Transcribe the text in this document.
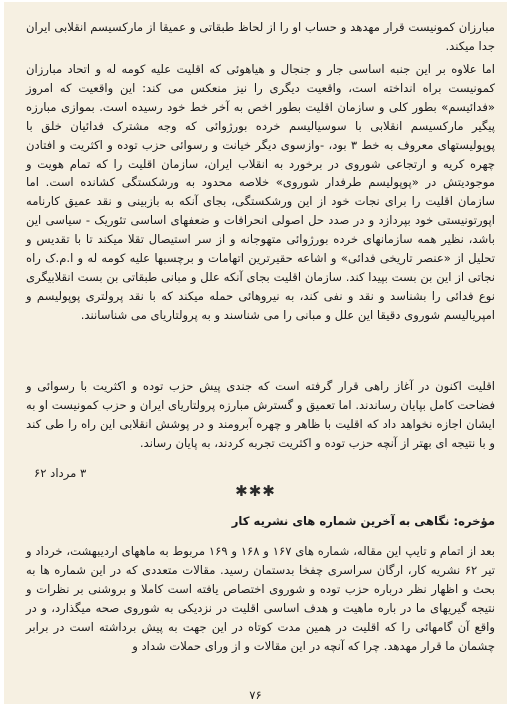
مبارزان کمونیست قرار مهدهد و حساب او را از لحاظ طبقاتی و عمیقا از مارکسیسم انقلابی ایران جدا میکند.

اما علاوه بر این جنبه اساسی جار و جنجال و هیاهوئی که اقلیت علیه کومه له و اتحاد مبارزان کمونیست براه انداخته است، واقعیت دیگری را نیز منعکس می کند: این واقعیت که امروز «فدائیسم» بطور کلی و سازمان اقلیت بطور اخص به آخر خط خود رسیده است. بموازی مبارزه پیگیر مارکسیسم انقلابی با سوسیالیسم خرده بورژوائی که وجه مشترک فدائیان خلق با پوپولیستهای معروف به خط ۳ بود، -وازسوی دیگر خیانت و رسوائی حزب توده و اکثریت و افتادن چهره کریه و ارتجاعی شوروی در برخورد به انقلاب ایران، سازمان اقلیت را که تمام هویت و موجودیتش در «پوپولیسم طرفدار شوروی» خلاصه محدود به ورشکستگی کشانده است. اما سازمان اقلیت را برای نجات خود از این ورشکستگی، بجای آنکه به بازبینی و نقد عمیق کارنامه اپورتونیستی خود بپردازد و در صدد حل اصولی انحرافات و ضعفهای اساسی تئوریک - سیاسی این باشد، نظیر همه سازمانهای خرده بورژوائی متهوجانه و از سر استیصال تقلا میکند تا با تقدیس و تحلیل از «عنصر تاریخی فدائی» و اشاعه حقیرترین اتهامات و برچسبها علیه کومه له و ا.م.ک راه نجاتی از این بن بست بپیدا کند. سازمان اقلیت بجای آنکه علل و مبانی طبقاتی بن بست انقلابیگری نوع فدائی را بشناسد و نقد و نفی کند، به نیروهائی حمله میکند که با نقد پرولتری پوپولیسم و امپریالیسم شوروی دقیقا این علل و مبانی را می شناسند و به پرولتاریای می شناسانند.

اقلیت اکنون در آغاز راهی قرار گرفته است که جندی پیش حزب توده و اکثریت با رسوائی و فضاحت کامل بپایان رساندند. اما تعمیق و گسترش مبارزه پرولتاریای ایران و حزب کمونیست او به ایشان اجازه نخواهد داد که اقلیت با ظاهر و چهره آبرومند و در پوشش انقلابی این راه را طی کند و با نتیجه ای بهتر از آنچه حزب توده و اکثریت تجربه کردند، به پایان رساند.

۳ مرداد ۶۲
✱✱✱
مؤخره: نگاهی به آخرین شماره های نشریه کار

بعد از اتمام و تایپ این مقاله، شماره های ۱۶۷ و ۱۶۸ و ۱۶۹ مربوط به ماههای اردیبهشت، خرداد و تیر ۶۲ نشریه کار، ارگان سراسری چفخا بدستمان رسید. مقالات متعددی که در این شماره ها به بحث و اظهار نظر درباره حزب توده و شوروی اختصاص یافته است کاملا و بروشنی بر نظرات و نتیجه گیریهای ما در باره ماهیت و هدف اساسی اقلیت در نزدیکی به شوروی صحه میگذارد، و در واقع آن گامهائی را که اقلیت در همین مدت کوتاه در این جهت به پیش برداشته است در برابر چشمان ما قرار مهدهد. چرا که آنچه در این مقالات و از ورای حملات شداد و

۷۶
